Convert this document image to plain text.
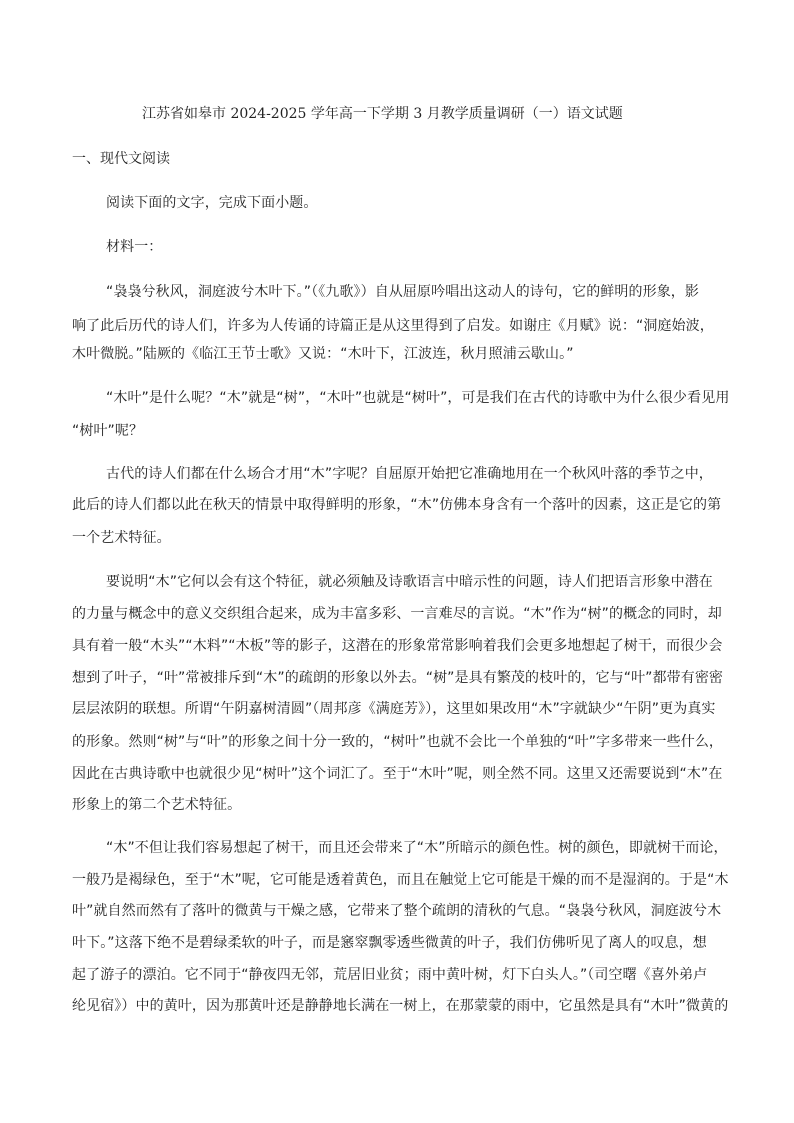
江苏省如皋市 2024-2025 学年高一下学期 3 月教学质量调研（一）语文试题
一、现代文阅读
阅读下面的文字，完成下面小题。
材料一：
“袅袅兮秋风，洞庭波兮木叶下。”（《九歌》）自从屈原吟唱出这动人的诗句，它的鲜明的形象，影
响了此后历代的诗人们，许多为人传诵的诗篇正是从这里得到了启发。如谢庄《月赋》说：“洞庭始波，
木叶微脱。”陆厥的《临江王节士歌》又说：“木叶下，江波连，秋月照浦云歇山。”
“木叶”是什么呢？“木”就是“树”，“木叶”也就是“树叶”，可是我们在古代的诗歌中为什么很少看见用
“树叶”呢？
古代的诗人们都在什么场合才用“木”字呢？自屈原开始把它准确地用在一个秋风叶落的季节之中，
此后的诗人们都以此在秋天的情景中取得鲜明的形象，“木”仿佛本身含有一个落叶的因素，这正是它的第
一个艺术特征。
要说明“木”它何以会有这个特征，就必须触及诗歌语言中暗示性的问题，诗人们把语言形象中潜在
的力量与概念中的意义交织组合起来，成为丰富多彩、一言难尽的言说。“木”作为“树”的概念的同时，却
具有着一般“木头”“木料”“木板”等的影子，这潜在的形象常常影响着我们会更多地想起了树干，而很少会
想到了叶子，“叶”常被排斥到“木”的疏朗的形象以外去。“树”是具有繁茂的枝叶的，它与“叶”都带有密密
层层浓阴的联想。所谓“午阴嘉树清圆”（周邦彦《满庭芳》），这里如果改用“木”字就缺少“午阴”更为真实
的形象。然则“树”与“叶”的形象之间十分一致的，“树叶”也就不会比一个单独的“叶”字多带来一些什么，
因此在古典诗歌中也就很少见“树叶”这个词汇了。至于“木叶”呢，则全然不同。这里又还需要说到“木”在
形象上的第二个艺术特征。
“木”不但让我们容易想起了树干，而且还会带来了“木”所暗示的颜色性。树的颜色，即就树干而论，
一般乃是褐绿色，至于“木”呢，它可能是透着黄色，而且在触觉上它可能是干燥的而不是湿润的。于是“木
叶”就自然而然有了落叶的微黄与干燥之感，它带来了整个疏朗的清秋的气息。“袅袅兮秋风，洞庭波兮木
叶下。”这落下绝不是碧绿柔软的叶子，而是窸窣飘零透些微黄的叶子，我们仿佛听见了离人的叹息，想
起了游子的漂泊。它不同于“静夜四无邻，荒居旧业贫；雨中黄叶树，灯下白头人。”（司空曙《喜外弟卢
纶见宿》）中的黄叶，因为那黄叶还是静静地长满在一树上，在那蒙蒙的雨中，它虽然是具有“木叶”微黄的
